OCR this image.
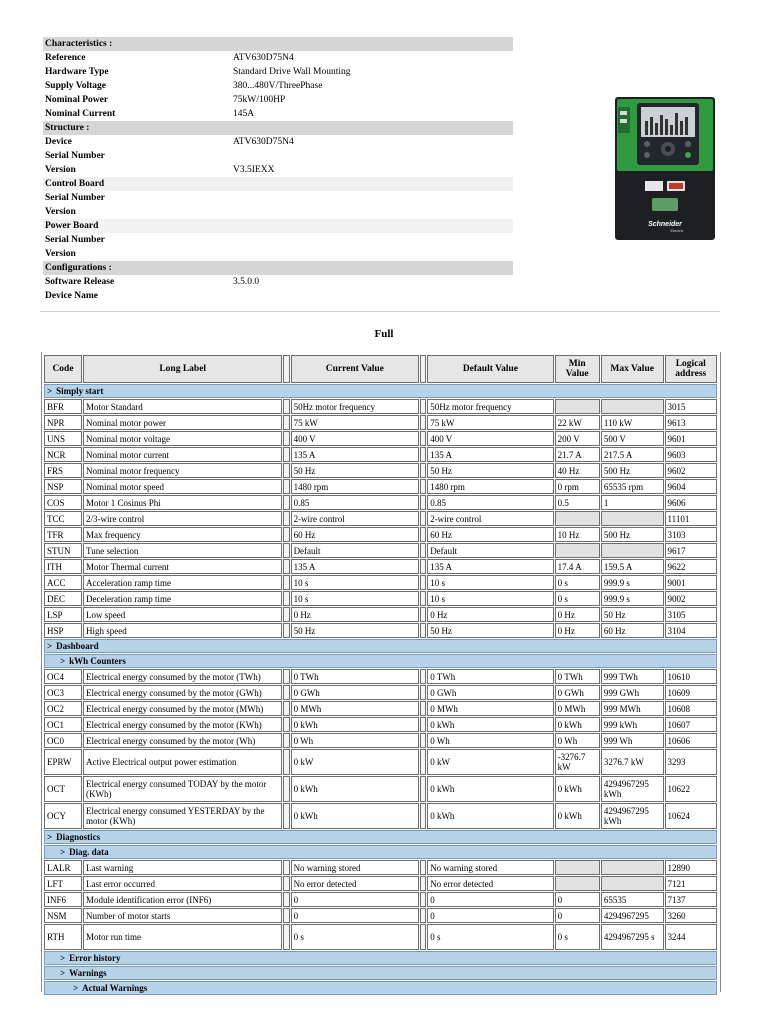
Characteristics :	
Reference	ATV630D75N4
Hardware Type	Standard Drive Wall Mounting
Supply Voltage	380...480V/ThreePhase
Nominal Power	75kW/100HP
Nominal Current	145A
Structure :	
Device	ATV630D75N4
Serial Number	
Version	V3.5IEXX
Control Board	
Serial Number	
Version	
Power Board	
Serial Number	
Version	
Configurations :	
Software Release	3.5.0.0
Device Name	
Schneider
Electric
Full
Code	Long Label		Current Value		Default Value	Min Value	Max Value	Logical address
> Simply start								
BFR	Motor Standard		50Hz motor frequency		50Hz motor frequency			3015
NPR	Nominal motor power		75 kW		75 kW	22 kW	110 kW	9613
UNS	Nominal motor voltage		400 V		400 V	200 V	500 V	9601
NCR	Nominal motor current		135 A		135 A	21.7 A	217.5 A	9603
FRS	Nominal motor frequency		50 Hz		50 Hz	40 Hz	500 Hz	9602
NSP	Nominal motor speed		1480 rpm		1480 rpm	0 rpm	65535 rpm	9604
COS	Motor 1 Cosinus Phi		0.85		0.85	0.5	1	9606
TCC	2/3-wire control		2-wire control		2-wire control			11101
TFR	Max frequency		60 Hz		60 Hz	10 Hz	500 Hz	3103
STUN	Tune selection		Default		Default			9617
ITH	Motor Thermal current		135 A		135 A	17.4 A	159.5 A	9622
ACC	Acceleration ramp time		10 s		10 s	0 s	999.9 s	9001
DEC	Deceleration ramp time		10 s		10 s	0 s	999.9 s	9002
LSP	Low speed		0 Hz		0 Hz	0 Hz	50 Hz	3105
HSP	High speed		50 Hz		50 Hz	0 Hz	60 Hz	3104
> Dashboard								
> kWh Counters								
OC4	Electrical energy consumed by the motor (TWh)		0 TWh		0 TWh	0 TWh	999 TWh	10610
OC3	Electrical energy consumed by the motor (GWh)		0 GWh		0 GWh	0 GWh	999 GWh	10609
OC2	Electrical energy consumed by the motor (MWh)		0 MWh		0 MWh	0 MWh	999 MWh	10608
OC1	Electrical energy consumed by the motor (KWh)		0 kWh		0 kWh	0 kWh	999 kWh	10607
OC0	Electrical energy consumed by the motor (Wh)		0 Wh		0 Wh	0 Wh	999 Wh	10606
EPRW	Active Electrical output power estimation		0 kW		0 kW	-3276.7 kW	3276.7 kW	3293
OCT	Electrical energy consumed TODAY by the motor (KWh)		0 kWh		0 kWh	0 kWh	4294967295 kWh	10622
OCY	Electrical energy consumed YESTERDAY by the motor (KWh)		0 kWh		0 kWh	0 kWh	4294967295 kWh	10624
> Diagnostics								
> Diag. data								
LALR	Last warning		No warning stored		No warning stored			12890
LFT	Last error occurred		No error detected		No error detected			7121
INF6	Module identification error (INF6)		0		0	0	65535	7137
NSM	Number of motor starts		0		0	0	4294967295	3260
RTH	Motor run time		0 s		0 s	0 s	4294967295 s	3244
> Error history								
> Warnings								
> Actual Warnings								
